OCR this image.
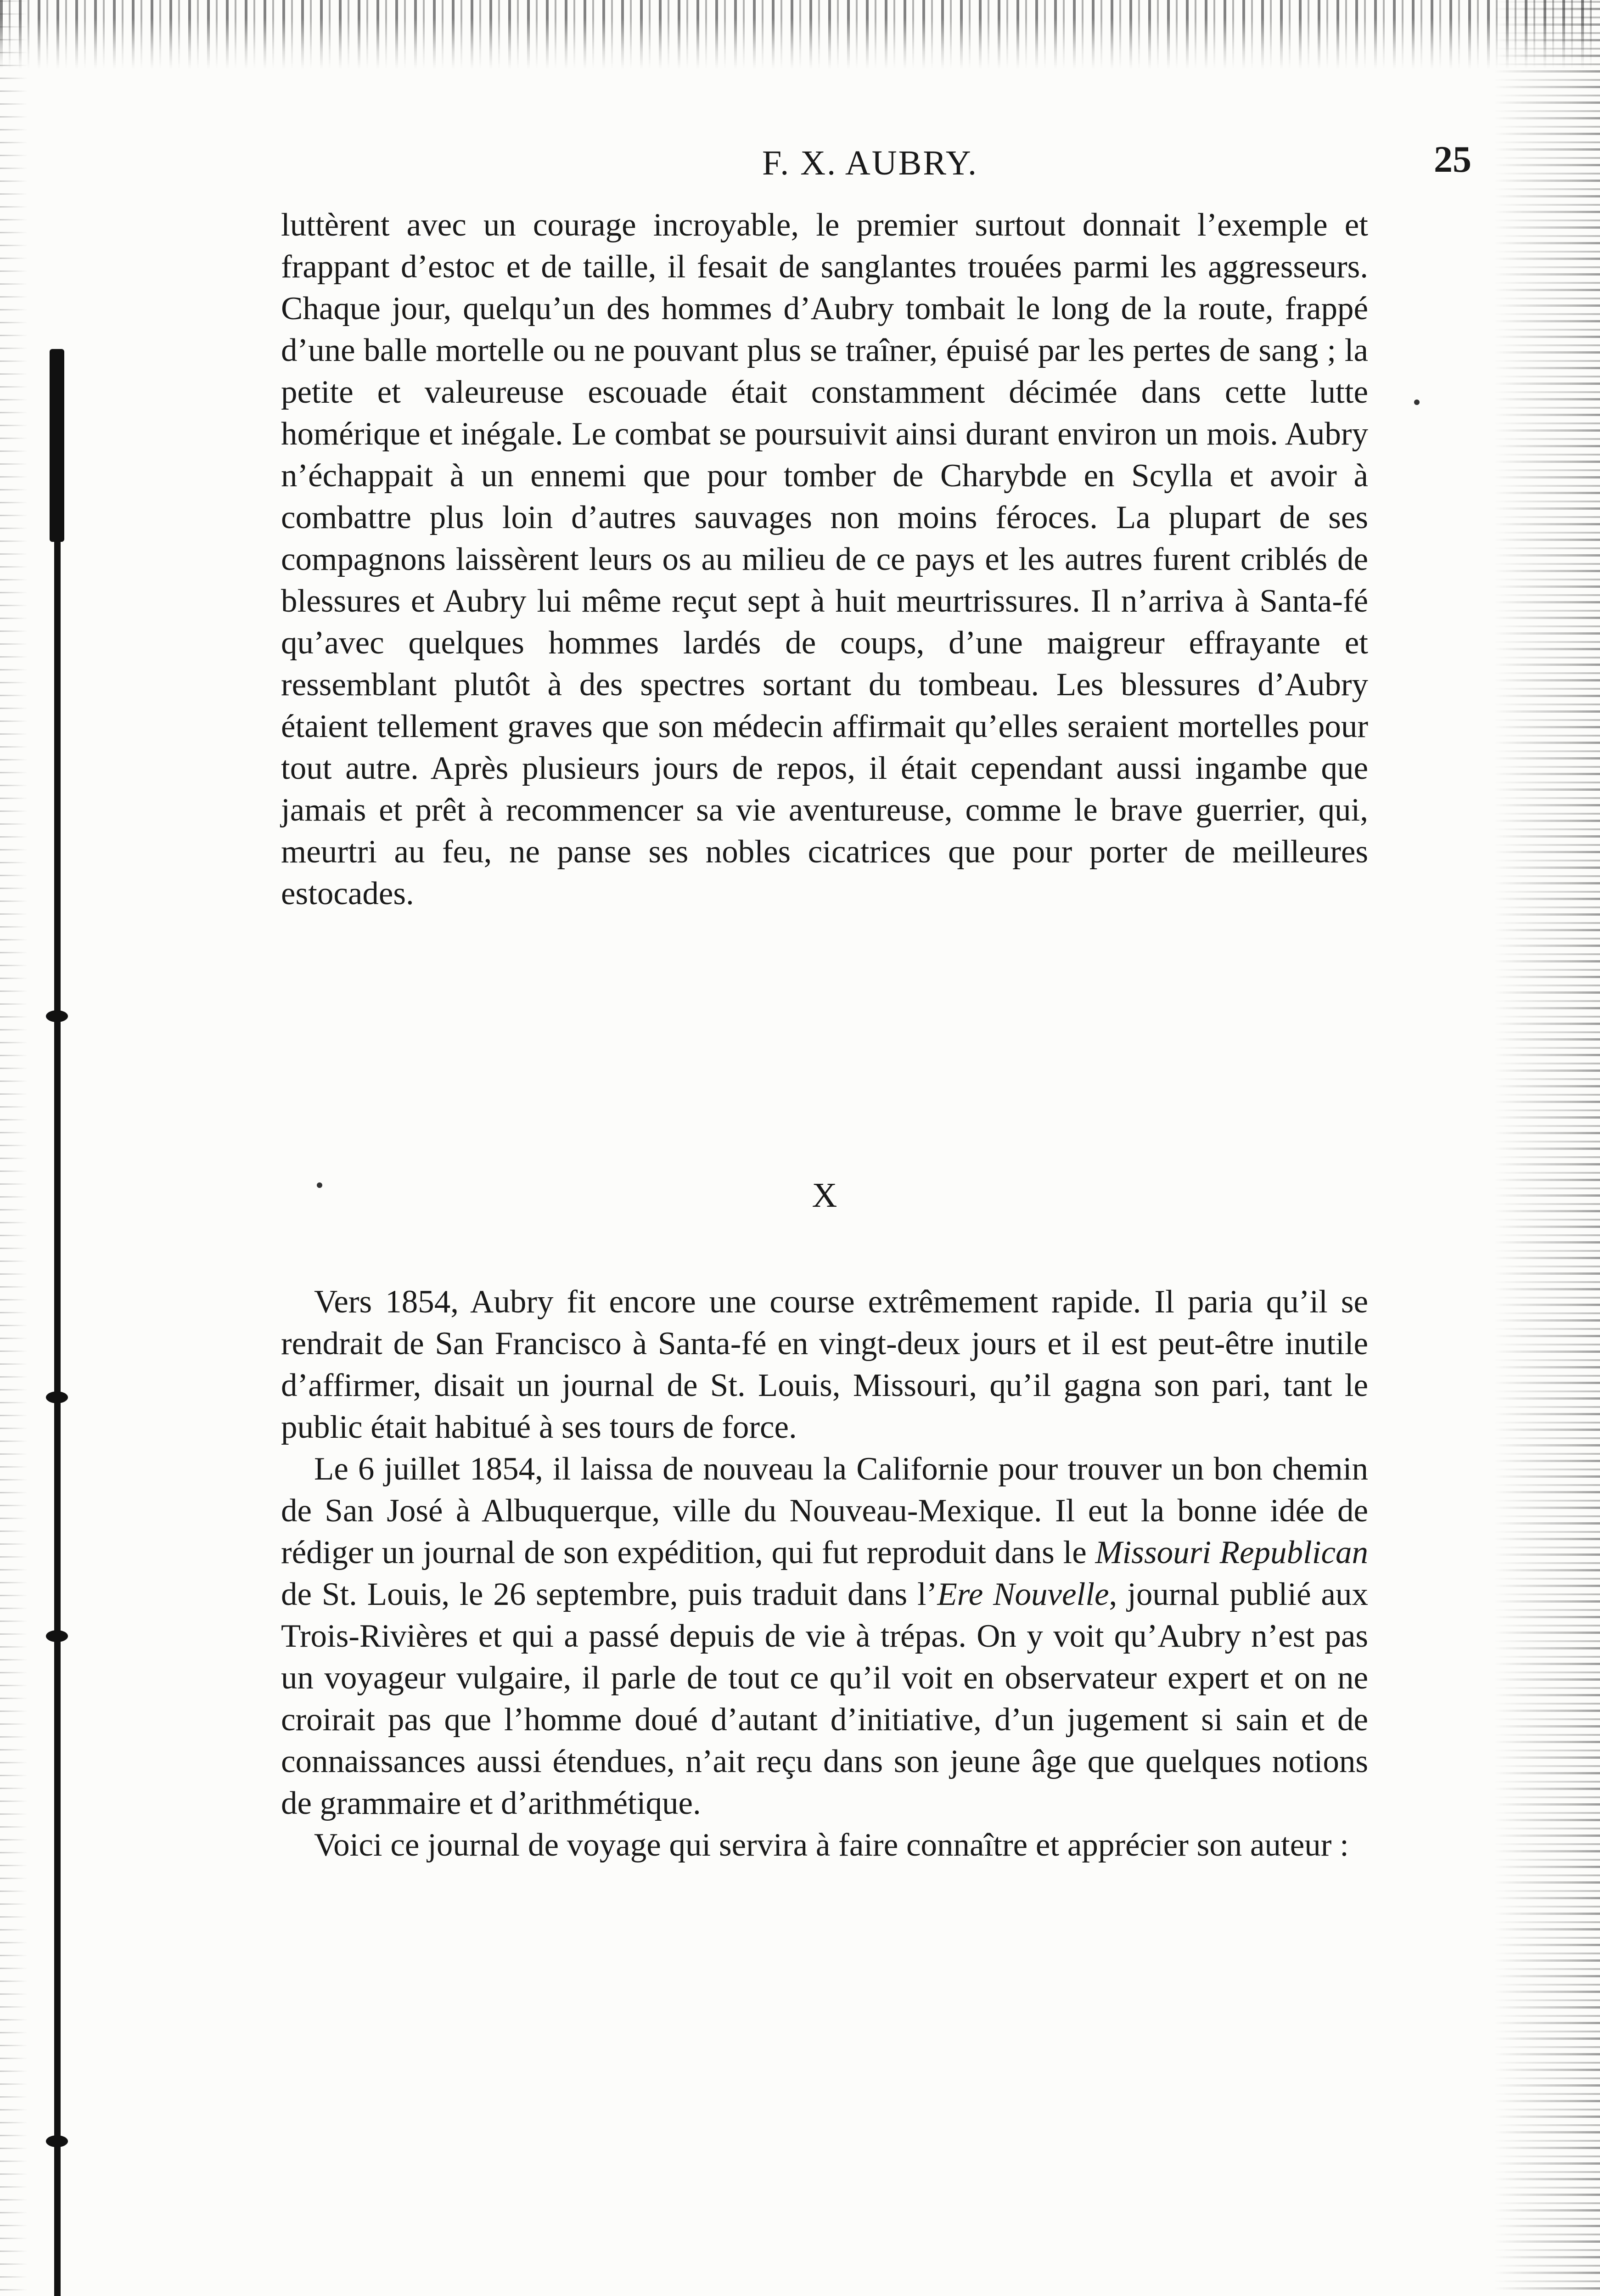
F. X. AUBRY.	25

luttèrent avec un courage incroyable, le premier surtout donnait l’exemple et frappant d’estoc et de taille, il fesait de sanglantes trouées parmi les aggresseurs. Chaque jour, quelqu’un des hommes d’Aubry tombait le long de la route, frappé d’une balle mortelle ou ne pouvant plus se traîner, épuisé par les pertes de sang ; la petite et valeureuse escouade était constamment décimée dans cette lutte homérique et inégale. Le combat se poursuivit ainsi durant environ un mois. Aubry n’échappait à un ennemi que pour tomber de Charybde en Scylla et avoir à combattre plus loin d’autres sauvages non moins féroces. La plupart de ses compagnons laissèrent leurs os au milieu de ce pays et les autres furent criblés de blessures et Aubry lui même reçut sept à huit meurtrissures. Il n’arriva à Santa-fé qu’avec quelques hommes lardés de coups, d’une maigreur effrayante et ressemblant plutôt à des spectres sortant du tombeau. Les blessures d’Aubry étaient tellement graves que son médecin affirmait qu’elles seraient mortelles pour tout autre. Après plusieurs jours de repos, il était cependant aussi ingambe que jamais et prêt à recommencer sa vie aventureuse, comme le brave guerrier, qui, meurtri au feu, ne panse ses nobles cicatrices que pour porter de meilleures estocades.

X

Vers 1854, Aubry fit encore une course extrêmement rapide. Il paria qu’il se rendrait de San Francisco à Santa-fé en vingt-deux jours et il est peut-être inutile d’affirmer, disait un journal de St. Louis, Missouri, qu’il gagna son pari, tant le public était habitué à ses tours de force.

Le 6 juillet 1854, il laissa de nouveau la Californie pour trouver un bon chemin de San José à Albuquerque, ville du Nouveau-Mexique. Il eut la bonne idée de rédiger un journal de son expédition, qui fut reproduit dans le Missouri Republican de St. Louis, le 26 septembre, puis traduit dans l’Ere Nouvelle, journal publié aux Trois-Rivières et qui a passé depuis de vie à trépas. On y voit qu’Aubry n’est pas un voyageur vulgaire, il parle de tout ce qu’il voit en observateur expert et on ne croirait pas que l’homme doué d’autant d’initiative, d’un jugement si sain et de connaissances aussi étendues, n’ait reçu dans son jeune âge que quelques notions de grammaire et d’arithmétique.

Voici ce journal de voyage qui servira à faire connaître et apprécier son auteur :
